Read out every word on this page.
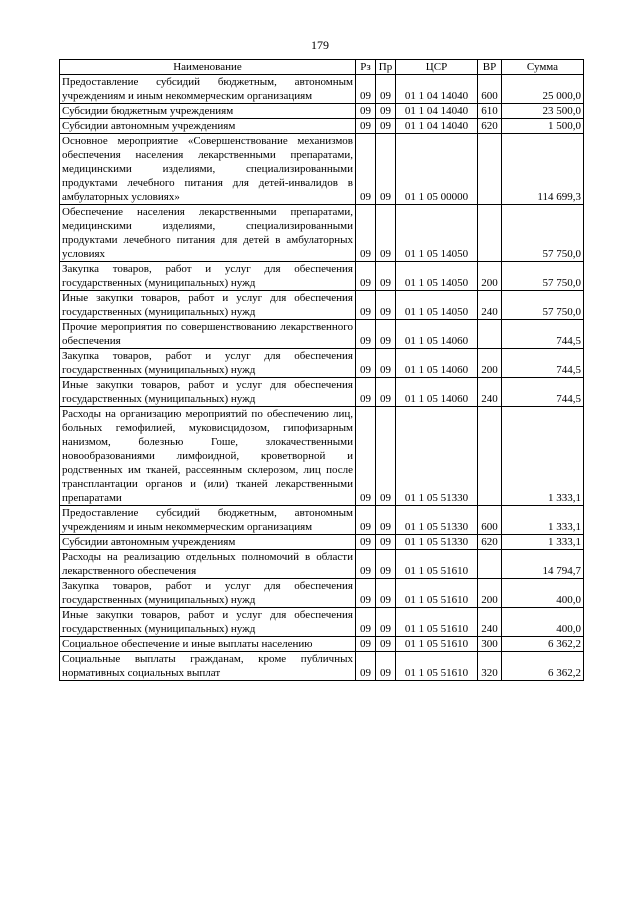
179
Наименование	Рз	Пр	ЦСР	ВР	Сумма
Предоставление субсидий бюджетным, автономным учреждениям и иным некоммерческим организациям	09	09	01 1 04 14040	600	25 000,0
Субсидии бюджетным учреждениям	09	09	01 1 04 14040	610	23 500,0
Субсидии автономным учреждениям	09	09	01 1 04 14040	620	1 500,0
Основное мероприятие «Совершенствование механизмов обеспечения населения лекарственными препаратами, медицинскими изделиями, специализированными продуктами лечебного питания для детей-инвалидов в амбулаторных условиях»	09	09	01 1 05 00000		114 699,3
Обеспечение населения лекарственными препаратами, медицинскими изделиями, специализированными продуктами лечебного питания для детей в амбулаторных условиях	09	09	01 1 05 14050		57 750,0
Закупка товаров, работ и услуг для обеспечения государственных (муниципальных) нужд	09	09	01 1 05 14050	200	57 750,0
Иные закупки товаров, работ и услуг для обеспечения государственных (муниципальных) нужд	09	09	01 1 05 14050	240	57 750,0
Прочие мероприятия по совершенствованию лекарственного обеспечения	09	09	01 1 05 14060		744,5
Закупка товаров, работ и услуг для обеспечения государственных (муниципальных) нужд	09	09	01 1 05 14060	200	744,5
Иные закупки товаров, работ и услуг для обеспечения государственных (муниципальных) нужд	09	09	01 1 05 14060	240	744,5
Расходы на организацию мероприятий по обеспечению лиц, больных гемофилией, муковисцидозом, гипофизарным нанизмом, болезнью Гоше, злокачественными новообразованиями лимфоидной, кроветворной и родственных им тканей, рассеянным склерозом, лиц после трансплантации органов и (или) тканей лекарственными препаратами	09	09	01 1 05 51330		1 333,1
Предоставление субсидий бюджетным, автономным учреждениям и иным некоммерческим организациям	09	09	01 1 05 51330	600	1 333,1
Субсидии автономным учреждениям	09	09	01 1 05 51330	620	1 333,1
Расходы на реализацию отдельных полномочий в области лекарственного обеспечения	09	09	01 1 05 51610		14 794,7
Закупка товаров, работ и услуг для обеспечения государственных (муниципальных) нужд	09	09	01 1 05 51610	200	400,0
Иные закупки товаров, работ и услуг для обеспечения государственных (муниципальных) нужд	09	09	01 1 05 51610	240	400,0
Социальное обеспечение и иные выплаты населению	09	09	01 1 05 51610	300	6 362,2
Социальные выплаты гражданам, кроме публичных нормативных социальных выплат	09	09	01 1 05 51610	320	6 362,2
